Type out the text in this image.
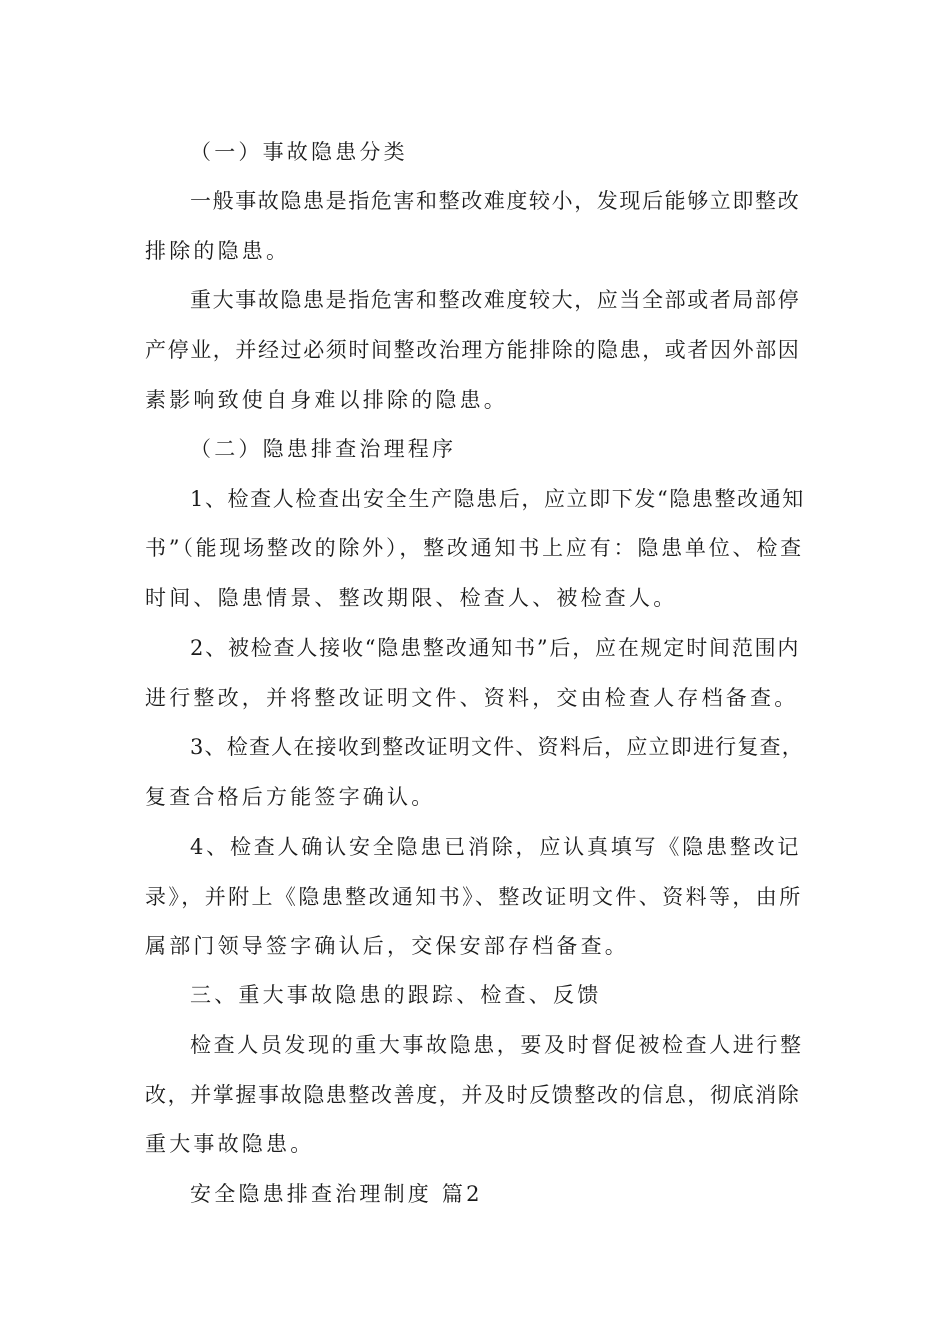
（一）事故隐患分类
一般事故隐患是指危害和整改难度较小，发现后能够立即整改
排除的隐患。
重大事故隐患是指危害和整改难度较大，应当全部或者局部停
产停业，并经过必须时间整改治理方能排除的隐患，或者因外部因
素影响致使自身难以排除的隐患。
（二）隐患排查治理程序
1、检查人检查出安全生产隐患后，应立即下发“隐患整改通知
书”（能现场整改的除外），整改通知书上应有：隐患单位、检查
时间、隐患情景、整改期限、检查人、被检查人。
2、被检查人接收“隐患整改通知书”后，应在规定时间范围内
进行整改，并将整改证明文件、资料，交由检查人存档备查。
3、检查人在接收到整改证明文件、资料后，应立即进行复查，
复查合格后方能签字确认。
4、检查人确认安全隐患已消除，应认真填写《隐患整改记
录》，并附上《隐患整改通知书》、整改证明文件、资料等，由所
属部门领导签字确认后，交保安部存档备查。
三、重大事故隐患的跟踪、检查、反馈
检查人员发现的重大事故隐患，要及时督促被检查人进行整
改，并掌握事故隐患整改善度，并及时反馈整改的信息，彻底消除
重大事故隐患。
安全隐患排查治理制度 篇2
